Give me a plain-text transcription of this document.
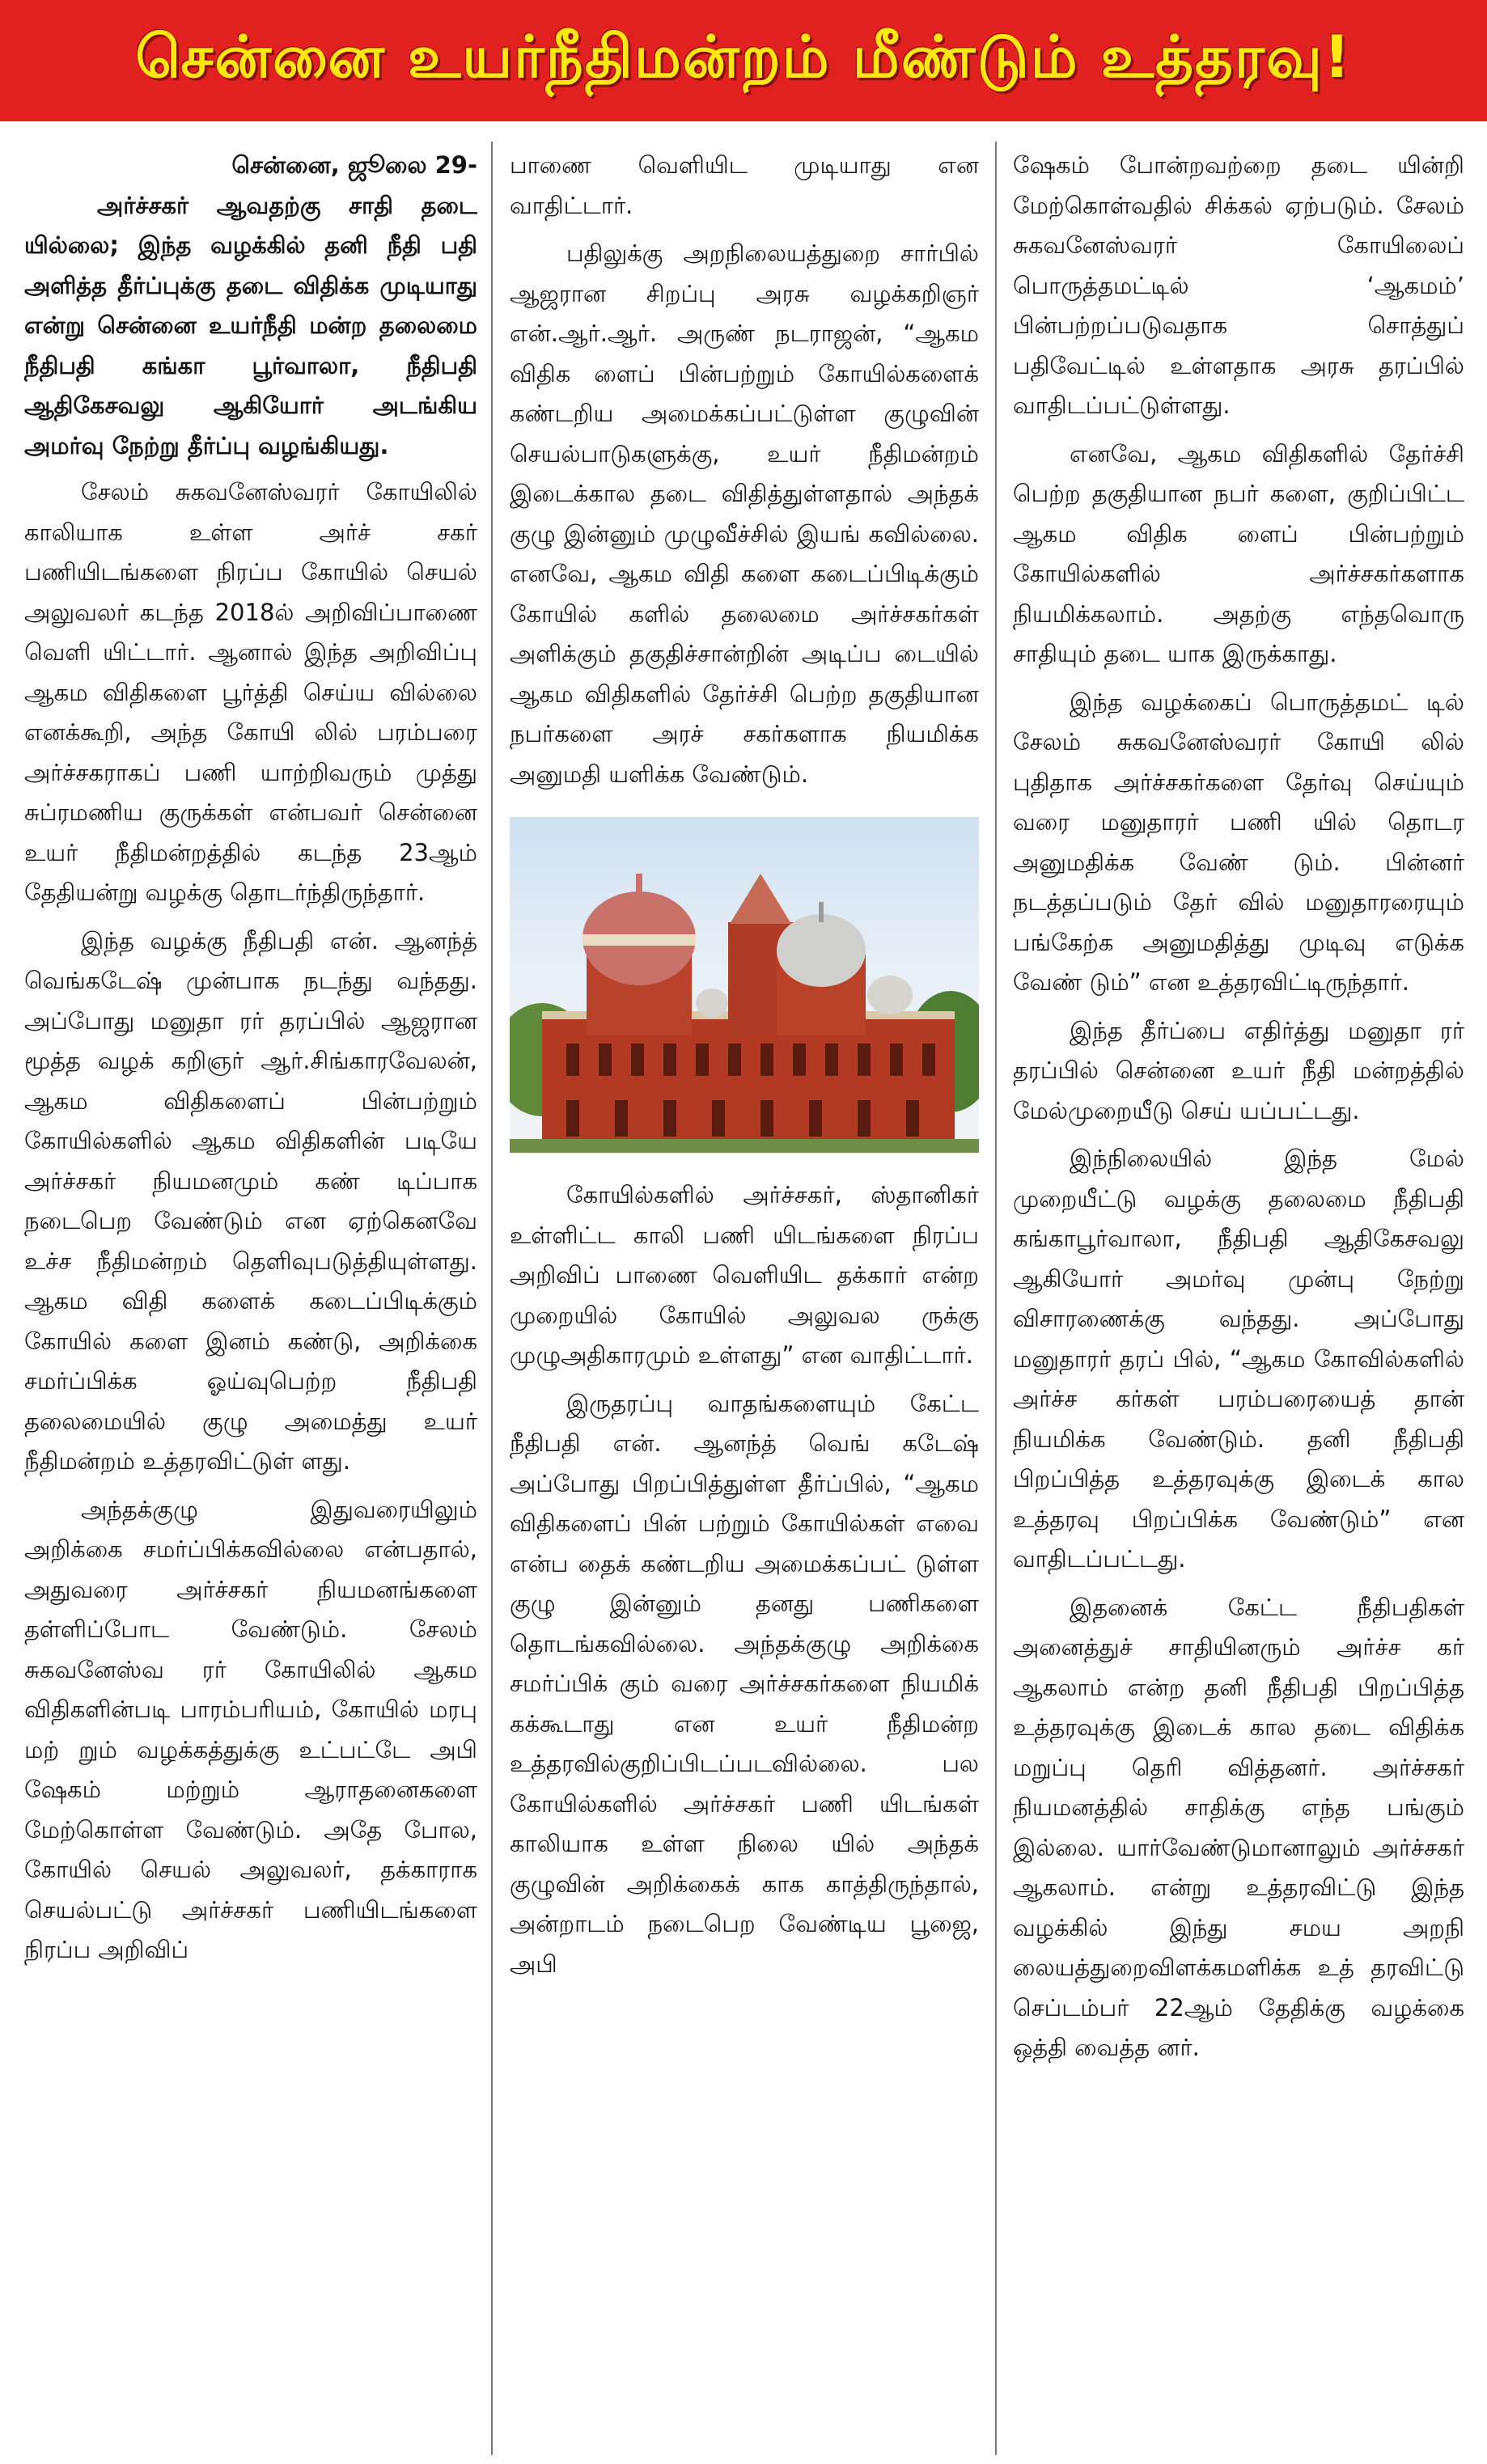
சென்னை உயர்நீதிமன்றம் மீண்டும் உத்தரவு!

சென்னை, ஜூலை 29-

அர்ச்சகர் ஆவதற்கு சாதி தடை யில்லை; இந்த வழக்கில் தனி நீதி பதி அளித்த தீர்ப்புக்கு தடை விதிக்க முடியாது என்று சென்னை உயர்நீதி மன்ற தலைமை நீதிபதி கங்கா பூர்வாலா, நீதிபதி ஆதிகேசவலு ஆகியோர் அடங்கிய அமர்வு நேற்று தீர்ப்பு வழங்கியது.

சேலம் சுகவனேஸ்வரர் கோயிலில் காலியாக உள்ள அர்ச் சகர் பணியிடங்களை நிரப்ப கோயில் செயல் அலுவலர் கடந்த 2018ல் அறிவிப்பாணை வெளி யிட்டார். ஆனால் இந்த அறிவிப்பு ஆகம விதிகளை பூர்த்தி செய்ய வில்லை எனக்கூறி, அந்த கோயி லில் பரம்பரை அர்ச்சகராகப் பணி யாற்றிவரும் முத்து சுப்ரமணிய குருக்கள் என்பவர் சென்னை உயர் நீதிமன்றத்தில் கடந்த 23ஆம் தேதியன்று வழக்கு தொடர்ந்திருந்தார்.

இந்த வழக்கு நீதிபதி என். ஆனந்த் வெங்கடேஷ் முன்பாக நடந்து வந்தது. அப்போது மனுதா ரர் தரப்பில் ஆஜரான மூத்த வழக் கறிஞர் ஆர்.சிங்காரவேலன், ஆகம விதிகளைப் பின்பற்றும் கோயில்களில் ஆகம விதிகளின் படியே அர்ச்சகர் நியமனமும் கண் டிப்பாக நடைபெற வேண்டும் என ஏற்கெனவே உச்ச நீதிமன்றம் தெளிவுபடுத்தியுள்ளது. ஆகம விதி களைக் கடைப்பிடிக்கும் கோயில் களை இனம் கண்டு, அறிக்கை சமர்ப்பிக்க ஓய்வுபெற்ற நீதிபதி தலைமையில் குழு அமைத்து உயர் நீதிமன்றம் உத்தரவிட்டுள் ளது.

அந்தக்குழு இதுவரையிலும் அறிக்கை சமர்ப்பிக்கவில்லை என்பதால், அதுவரை அர்ச்சகர் நியமனங்களை தள்ளிப்போட வேண்டும். சேலம் சுகவனேஸ்வ ரர் கோயிலில் ஆகம விதிகளின்படி பாரம்பரியம், கோயில் மரபு மற் றும் வழக்கத்துக்கு உட்பட்டே அபி ஷேகம் மற்றும் ஆராதனைகளை மேற்கொள்ள வேண்டும். அதே போல, கோயில் செயல் அலுவலர், தக்காராக செயல்பட்டு அர்ச்சகர் பணியிடங்களை நிரப்ப அறிவிப்

பாணை வெளியிட முடியாது என வாதிட்டார்.

பதிலுக்கு அறநிலையத்துறை சார்பில் ஆஜரான சிறப்பு அரசு வழக்கறிஞர் என்.ஆர்.ஆர். அருண் நடராஜன், “ஆகம விதிக ளைப் பின்பற்றும் கோயில்களைக் கண்டறிய அமைக்கப்பட்டுள்ள குழுவின் செயல்பாடுகளுக்கு, உயர் நீதிமன்றம் இடைக்கால தடை விதித்துள்ளதால் அந்தக் குழு இன்னும் முழுவீச்சில் இயங் கவில்லை. எனவே, ஆகம விதி களை கடைப்பிடிக்கும் கோயில் களில் தலைமை அர்ச்சகர்கள் அளிக்கும் தகுதிச்சான்றின் அடிப்ப டையில் ஆகம விதிகளில் தேர்ச்சி பெற்ற தகுதியான நபர்களை அரச் சகர்களாக நியமிக்க அனுமதி யளிக்க வேண்டும்.

கோயில்களில் அர்ச்சகர், ஸ்தானிகர் உள்ளிட்ட காலி பணி யிடங்களை நிரப்ப அறிவிப் பாணை வெளியிட தக்கார் என்ற முறையில் கோயில் அலுவல ருக்கு முழுஅதிகாரமும் உள்ளது” என வாதிட்டார்.

இருதரப்பு வாதங்களையும் கேட்ட நீதிபதி என். ஆனந்த் வெங் கடேஷ் அப்போது பிறப்பித்துள்ள தீர்ப்பில், “ஆகம விதிகளைப் பின் பற்றும் கோயில்கள் எவை என்ப தைக் கண்டறிய அமைக்கப்பட் டுள்ள குழு இன்னும் தனது பணிகளை தொடங்கவில்லை. அந்தக்குழு அறிக்கை சமர்ப்பிக் கும் வரை அர்ச்சகர்களை நியமிக் கக்கூடாது என உயர் நீதிமன்ற உத்தரவில்குறிப்பிடப்படவில்லை. பல கோயில்களில் அர்ச்சகர் பணி யிடங்கள் காலியாக உள்ள நிலை யில் அந்தக் குழுவின் அறிக்கைக் காக காத்திருந்தால், அன்றாடம் நடைபெற வேண்டிய பூஜை, அபி

ஷேகம் போன்றவற்றை தடை யின்றி மேற்கொள்வதில் சிக்கல் ஏற்படும். சேலம் சுகவனேஸ்வரர் கோயிலைப் பொருத்தமட்டில் ‘ஆகமம்’ பின்பற்றப்படுவதாக சொத்துப் பதிவேட்டில் உள்ளதாக அரசு தரப்பில் வாதிடப்பட்டுள்ளது.

எனவே, ஆகம விதிகளில் தேர்ச்சி பெற்ற தகுதியான நபர் களை, குறிப்பிட்ட ஆகம விதிக ளைப் பின்பற்றும் கோயில்களில் அர்ச்சகர்களாக நியமிக்கலாம். அதற்கு எந்தவொரு சாதியும் தடை யாக இருக்காது.

இந்த வழக்கைப் பொருத்தமட் டில் சேலம் சுகவனேஸ்வரர் கோயி லில் புதிதாக அர்ச்சகர்களை தேர்வு செய்யும் வரை மனுதாரர் பணி யில் தொடர அனுமதிக்க வேண் டும். பின்னர் நடத்தப்படும் தேர் வில் மனுதாரரையும் பங்கேற்க அனுமதித்து முடிவு எடுக்க வேண் டும்” என உத்தரவிட்டிருந்தார்.

இந்த தீர்ப்பை எதிர்த்து மனுதா ரர் தரப்பில் சென்னை உயர் நீதி மன்றத்தில் மேல்முறையீடு செய் யப்பட்டது.

இந்நிலையில் இந்த மேல் முறையீட்டு வழக்கு தலைமை நீதிபதி கங்காபூர்வாலா, நீதிபதி ஆதிகேசவலு ஆகியோர் அமர்வு முன்பு நேற்று விசாரணைக்கு வந்தது. அப்போது மனுதாரர் தரப் பில், “ஆகம கோவில்களில் அர்ச்ச கர்கள் பரம்பரையைத் தான் நியமிக்க வேண்டும். தனி நீதிபதி பிறப்பித்த உத்தரவுக்கு இடைக் கால உத்தரவு பிறப்பிக்க வேண்டும்” என வாதிடப்பட்டது.

இதனைக் கேட்ட நீதிபதிகள் அனைத்துச் சாதியினரும் அர்ச்ச கர் ஆகலாம் என்ற தனி நீதிபதி பிறப்பித்த உத்தரவுக்கு இடைக் கால தடை விதிக்க மறுப்பு தெரி வித்தனர். அர்ச்சகர் நியமனத்தில் சாதிக்கு எந்த பங்கும் இல்லை. யார்வேண்டுமானாலும் அர்ச்சகர் ஆகலாம். என்று உத்தரவிட்டு இந்த வழக்கில் இந்து சமய அறநி லையத்துறைவிளக்கமளிக்க உத் தரவிட்டு செப்டம்பர் 22ஆம் தேதிக்கு வழக்கை ஒத்தி வைத்த னர்.
